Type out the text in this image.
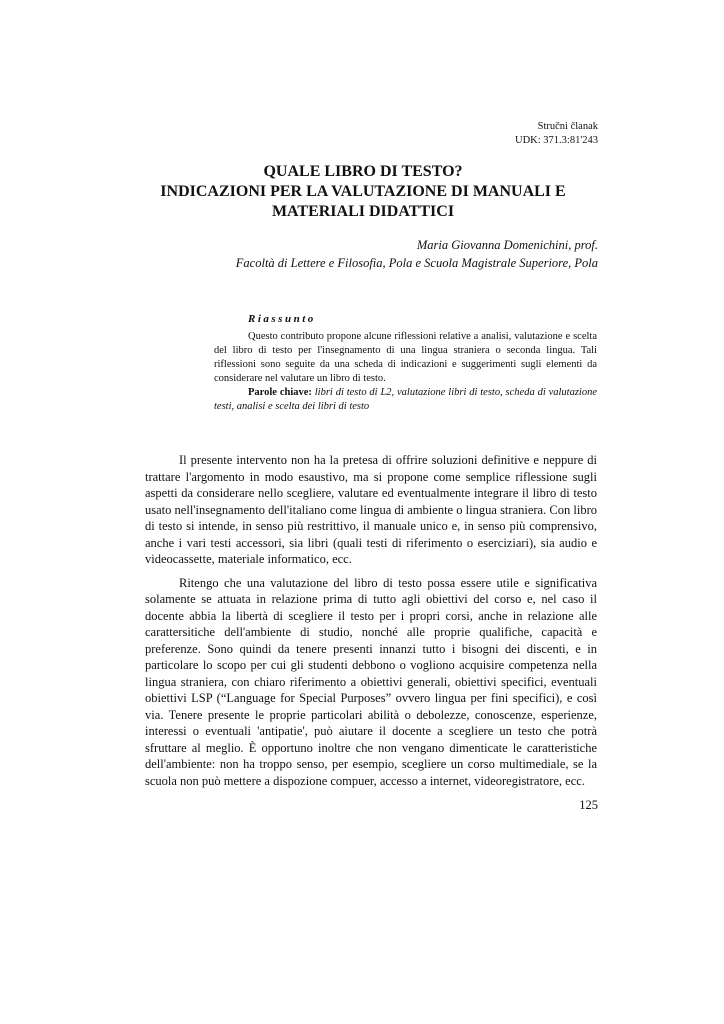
Stručni članak
UDK: 371.3:81'243
QUALE LIBRO DI TESTO?
INDICAZIONI PER LA VALUTAZIONE DI MANUALI E
MATERIALI DIDATTICI
Maria Giovanna Domenichini, prof.
Facoltà di Lettere e Filosofia, Pola e Scuola Magistrale Superiore, Pola
Riassunto

Questo contributo propone alcune riflessioni relative a analisi, valutazione e scelta del libro di testo per l'insegnamento di una lingua straniera o seconda lingua. Tali riflessioni sono seguite da una scheda di indicazioni e suggerimenti sugli elementi da considerare nel valutare un libro di testo.

Parole chiave: libri di testo di L2, valutazione libri di testo, scheda di valutazione testi, analisi e scelta dei libri di testo

Il presente intervento non ha la pretesa di offrire soluzioni definitive e neppure di trattare l'argomento in modo esaustivo, ma si propone come semplice riflessione sugli aspetti da considerare nello scegliere, valutare ed eventualmente integrare il libro di testo usato nell'insegnamento dell'italiano come lingua di ambiente o lingua straniera. Con libro di testo si intende, in senso più restrittivo, il manuale unico e, in senso più comprensivo, anche i vari testi accessori, sia libri (quali testi di riferimento o eserciziari), sia audio e videocassette, materiale informatico, ecc.

Ritengo che una valutazione del libro di testo possa essere utile e significativa solamente se attuata in relazione prima di tutto agli obiettivi del corso e, nel caso il docente abbia la libertà di scegliere il testo per i propri corsi, anche in relazione alle carattersitiche dell'ambiente di studio, nonché alle proprie qualifiche, capacità e preferenze. Sono quindi da tenere presenti innanzi tutto i bisogni dei discenti, e in particolare lo scopo per cui gli studenti debbono o vogliono acquisire competenza nella lingua straniera, con chiaro riferimento a obiettivi generali, obiettivi specifici, eventuali obiettivi LSP (“Language for Special Purposes” ovvero lingua per fini specifici), e così via. Tenere presente le proprie particolari abilità o debolezze, conoscenze, esperienze, interessi o eventuali 'antipatie', può aiutare il docente a scegliere un testo che potrà sfruttare al meglio. È opportuno inoltre che non vengano dimenticate le caratteristiche dell'ambiente: non ha troppo senso, per esempio, scegliere un corso multimediale, se la scuola non può mettere a dispozione compuer, accesso a internet, videoregistratore, ecc.

125
